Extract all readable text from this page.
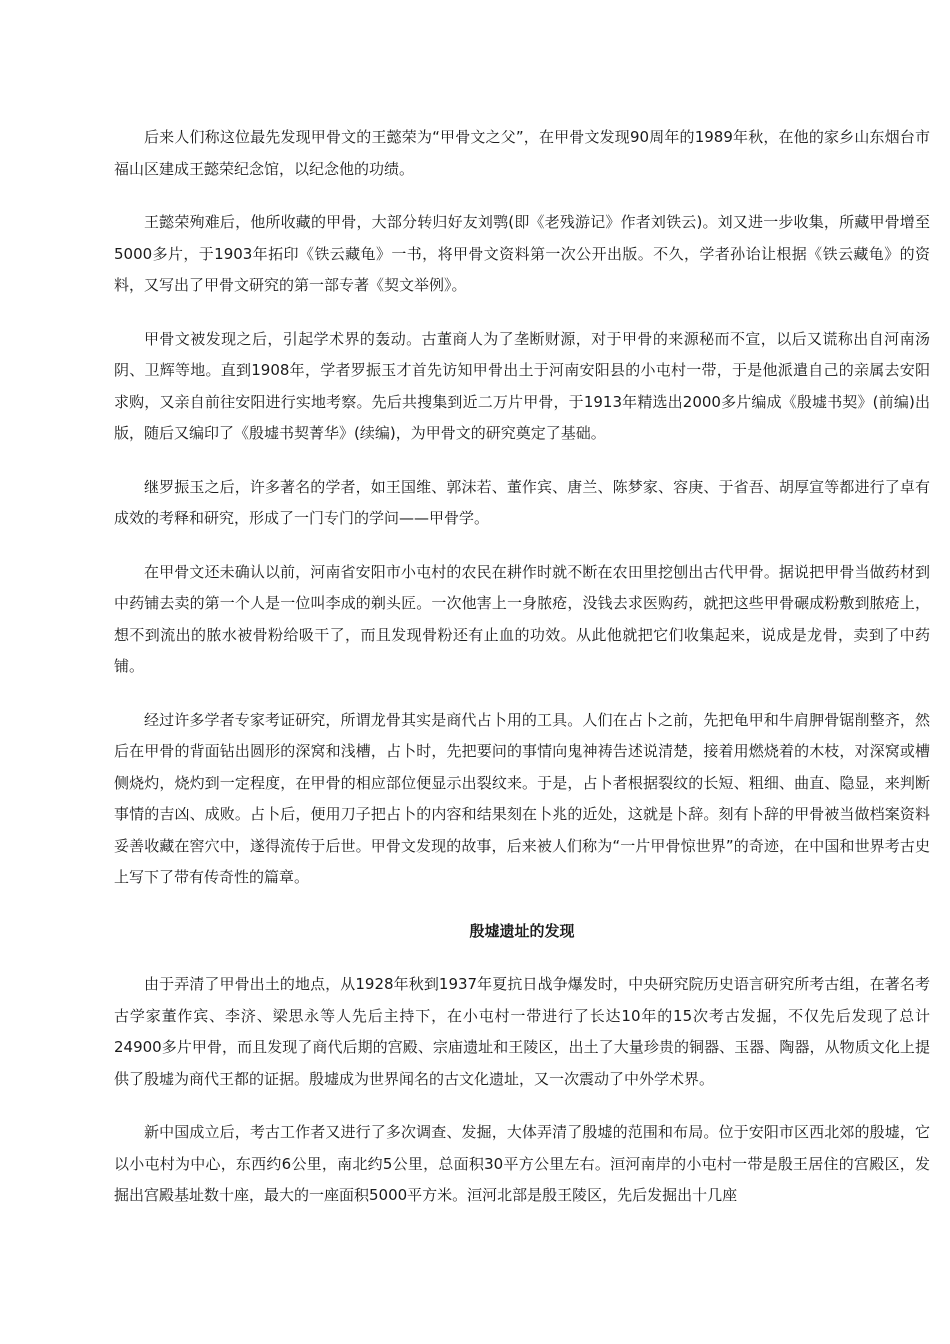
后来人们称这位最先发现甲骨文的王懿荣为“甲骨文之父”，在甲骨文发现90周年的1989年秋，在他的家乡山东烟台市福山区建成王懿荣纪念馆，以纪念他的功绩。

王懿荣殉难后，他所收藏的甲骨，大部分转归好友刘鹗(即《老残游记》作者刘铁云)。刘又进一步收集，所藏甲骨增至5000多片，于1903年拓印《铁云藏龟》一书，将甲骨文资料第一次公开出版。不久，学者孙诒让根据《铁云藏龟》的资料，又写出了甲骨文研究的第一部专著《契文举例》。

甲骨文被发现之后，引起学术界的轰动。古董商人为了垄断财源，对于甲骨的来源秘而不宣，以后又谎称出自河南汤阴、卫辉等地。直到1908年，学者罗振玉才首先访知甲骨出土于河南安阳县的小屯村一带，于是他派遣自己的亲属去安阳求购，又亲自前往安阳进行实地考察。先后共搜集到近二万片甲骨，于1913年精选出2000多片编成《殷墟书契》(前编)出版，随后又编印了《殷墟书契菁华》(续编)，为甲骨文的研究奠定了基础。

继罗振玉之后，许多著名的学者，如王国维、郭沫若、董作宾、唐兰、陈梦家、容庚、于省吾、胡厚宣等都进行了卓有成效的考释和研究，形成了一门专门的学问——甲骨学。

在甲骨文还未确认以前，河南省安阳市小屯村的农民在耕作时就不断在农田里挖刨出古代甲骨。据说把甲骨当做药材到中药铺去卖的第一个人是一位叫李成的剃头匠。一次他害上一身脓疮，没钱去求医购药，就把这些甲骨碾成粉敷到脓疮上，想不到流出的脓水被骨粉给吸干了，而且发现骨粉还有止血的功效。从此他就把它们收集起来，说成是龙骨，卖到了中药铺。

经过许多学者专家考证研究，所谓龙骨其实是商代占卜用的工具。人们在占卜之前，先把龟甲和牛肩胛骨锯削整齐，然后在甲骨的背面钻出圆形的深窝和浅槽，占卜时，先把要问的事情向鬼神祷告述说清楚，接着用燃烧着的木枝，对深窝或槽侧烧灼，烧灼到一定程度，在甲骨的相应部位便显示出裂纹来。于是，占卜者根据裂纹的长短、粗细、曲直、隐显，来判断事情的吉凶、成败。占卜后，便用刀子把占卜的内容和结果刻在卜兆的近处，这就是卜辞。刻有卜辞的甲骨被当做档案资料妥善收藏在窖穴中，遂得流传于后世。甲骨文发现的故事，后来被人们称为“一片甲骨惊世界”的奇迹，在中国和世界考古史上写下了带有传奇性的篇章。

殷墟遗址的发现

由于弄清了甲骨出土的地点，从1928年秋到1937年夏抗日战争爆发时，中央研究院历史语言研究所考古组，在著名考古学家董作宾、李济、梁思永等人先后主持下，在小屯村一带进行了长达10年的15次考古发掘，不仅先后发现了总计24900多片甲骨，而且发现了商代后期的宫殿、宗庙遗址和王陵区，出土了大量珍贵的铜器、玉器、陶器，从物质文化上提供了殷墟为商代王都的证据。殷墟成为世界闻名的古文化遗址，又一次震动了中外学术界。

新中国成立后，考古工作者又进行了多次调查、发掘，大体弄清了殷墟的范围和布局。位于安阳市区西北郊的殷墟，它以小屯村为中心，东西约6公里，南北约5公里，总面积30平方公里左右。洹河南岸的小屯村一带是殷王居住的宫殿区，发掘出宫殿基址数十座，最大的一座面积5000平方米。洹河北部是殷王陵区，先后发掘出十几座
